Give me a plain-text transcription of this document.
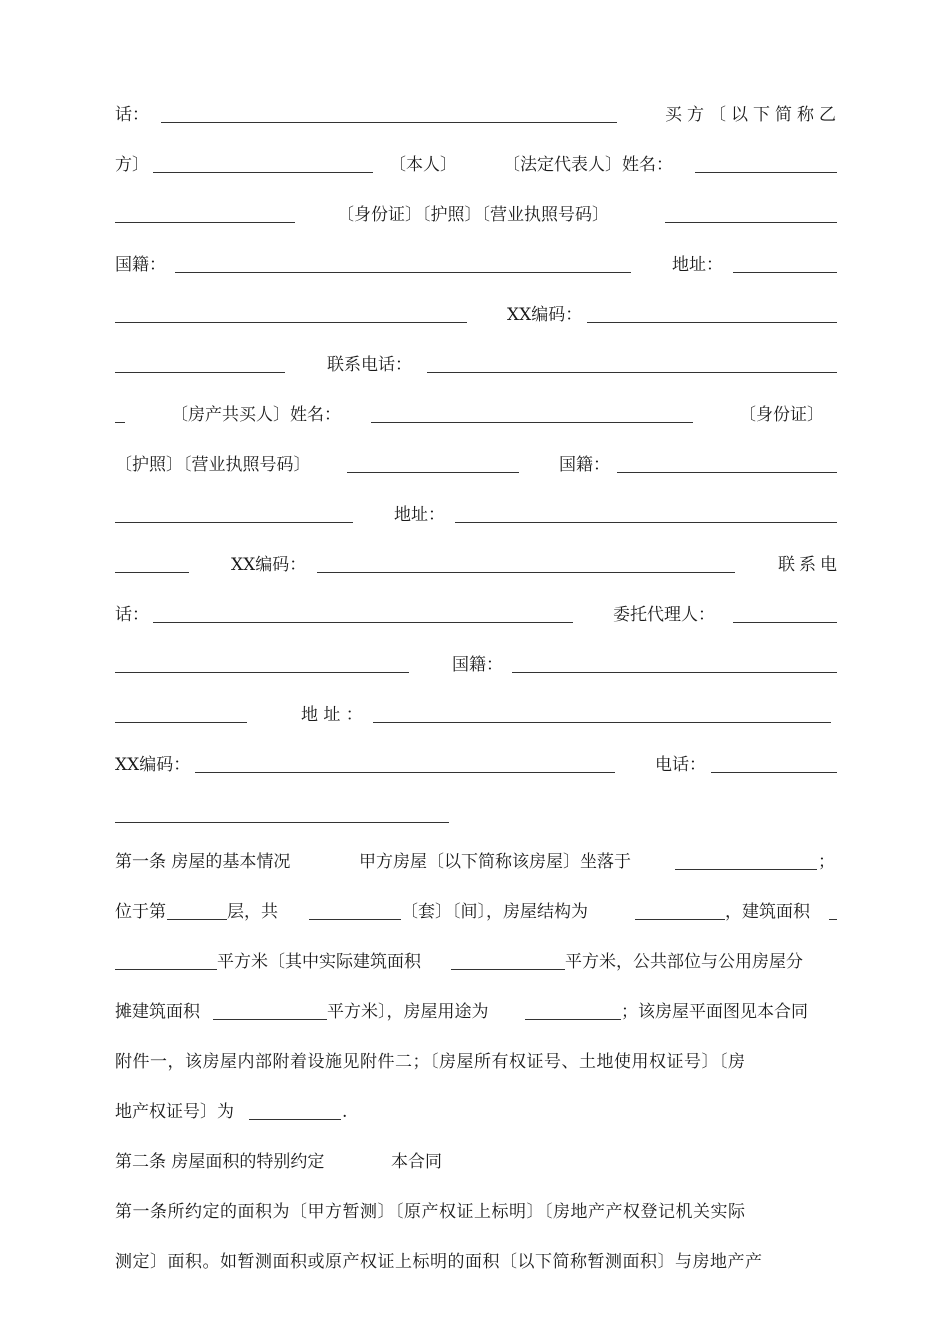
话：	买方〔以下简称乙
方〕	〔本人〕	〔法定代表人〕姓名：
〔身份证〕〔护照〕〔营业执照号码〕
国籍：	地址：
XX编码：
联系电话：
〔房产共买人〕姓名：	〔身份证〕
〔护照〕〔营业执照号码〕	国籍：
地址：
XX编码：	联系电
话：	委托代理人：
国籍：
地 址 ：
XX编码：	电话：
第一条 房屋的基本情况	甲方房屋〔以下简称该房屋〕坐落于	；
位于第	层，共	〔套〕〔间〕，房屋结构为	，建筑面积
平方米〔其中实际建筑面积	平方米，公共部位与公用房屋分
摊建筑面积	平方米〕，房屋用途为	；该房屋平面图见本合同
附件一，该房屋内部附着设施见附件二；〔房屋所有权证号、土地使用权证号〕〔房
地产权证号〕为	.
第二条 房屋面积的特别约定	本合同
第一条所约定的面积为〔甲方暂测〕〔原产权证上标明〕〔房地产产权登记机关实际
测定〕面积。如暂测面积或原产权证上标明的面积〔以下简称暂测面积〕与房地产产
